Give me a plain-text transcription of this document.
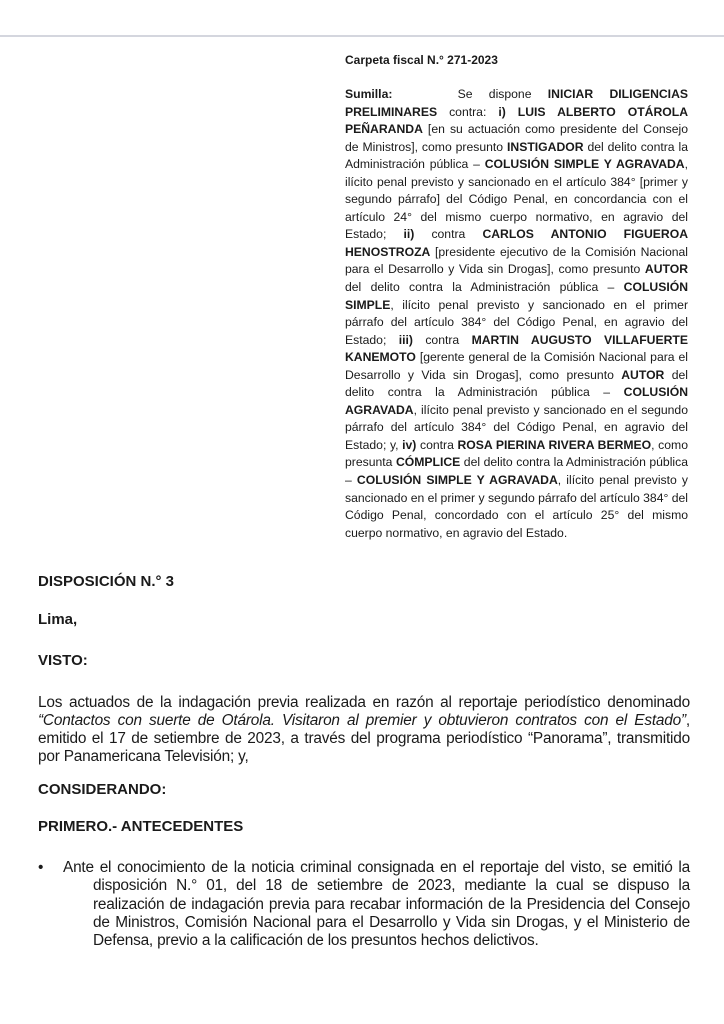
Carpeta fiscal N.° 271-2023
Sumilla:    Se dispone INICIAR DILIGENCIAS PRELIMINARES contra: i) LUIS ALBERTO OTÁROLA PEÑARANDA [en su actuación como presidente del Consejo de Ministros], como presunto INSTIGADOR del delito contra la Administración pública – COLUSIÓN SIMPLE Y AGRAVADA, ilícito penal previsto y sancionado en el artículo 384° [primer y segundo párrafo] del Código Penal, en concordancia con el artículo 24° del mismo cuerpo normativo, en agravio del Estado; ii) contra CARLOS ANTONIO FIGUEROA HENOSTROZA [presidente ejecutivo de la Comisión Nacional para el Desarrollo y Vida sin Drogas], como presunto AUTOR del delito contra la Administración pública – COLUSIÓN SIMPLE, ilícito penal previsto y sancionado en el primer párrafo del artículo 384° del Código Penal, en agravio del Estado; iii) contra MARTIN AUGUSTO VILLAFUERTE KANEMOTO [gerente general de la Comisión Nacional para el Desarrollo y Vida sin Drogas], como presunto AUTOR del delito contra la Administración pública – COLUSIÓN AGRAVADA, ilícito penal previsto y sancionado en el segundo párrafo del artículo 384° del Código Penal, en agravio del Estado; y, iv) contra ROSA PIERINA RIVERA BERMEO, como presunta CÓMPLICE del delito contra la Administración pública – COLUSIÓN SIMPLE Y AGRAVADA, ilícito penal previsto y sancionado en el primer y segundo párrafo del artículo 384° del Código Penal, concordado con el artículo 25° del mismo cuerpo normativo, en agravio del Estado.
DISPOSICIÓN N.° 3
Lima,
VISTO:
Los actuados de la indagación previa realizada en razón al reportaje periodístico denominado “Contactos con suerte de Otárola. Visitaron al premier y obtuvieron contratos con el Estado”, emitido el 17 de setiembre de 2023, a través del programa periodístico “Panorama”, transmitido por Panamericana Televisión; y,
CONSIDERANDO:
PRIMERO.- ANTECEDENTES
• Ante el conocimiento de la noticia criminal consignada en el reportaje del visto, se emitió la disposición N.° 01, del 18 de setiembre de 2023, mediante la cual se dispuso la realización de indagación previa para recabar información de la Presidencia del Consejo de Ministros, Comisión Nacional para el Desarrollo y Vida sin Drogas, y el Ministerio de Defensa, previo a la calificación de los presuntos hechos delictivos.
